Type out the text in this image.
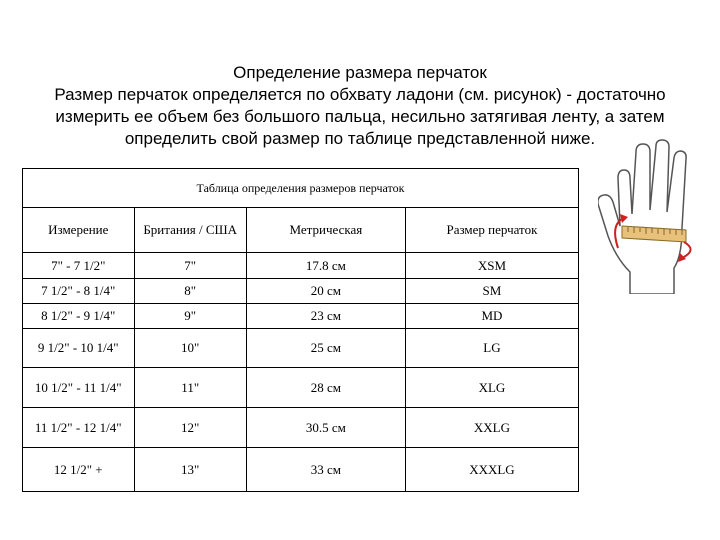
Определение размера перчаток
Размер перчаток определяется по обхвату ладони (см. рисунок) - достаточно
измерить ее объем без большого пальца, несильно затягивая ленту, а затем
определить свой размер по таблице представленной ниже.
Таблица определения размеров перчаток			
Измерение	Британия / США	Метрическая	Размер перчаток
7" - 7 1/2"	7"	17.8 см	XSM
7 1/2" - 8 1/4"	8"	20 см	SM
8 1/2" - 9 1/4"	9"	23 см	MD
9 1/2" - 10 1/4"	10"	25 см	LG
10 1/2" - 11 1/4"	11"	28 см	XLG
11 1/2" - 12 1/4"	12"	30.5 см	XXLG
12 1/2" +	13"	33 см	XXXLG
